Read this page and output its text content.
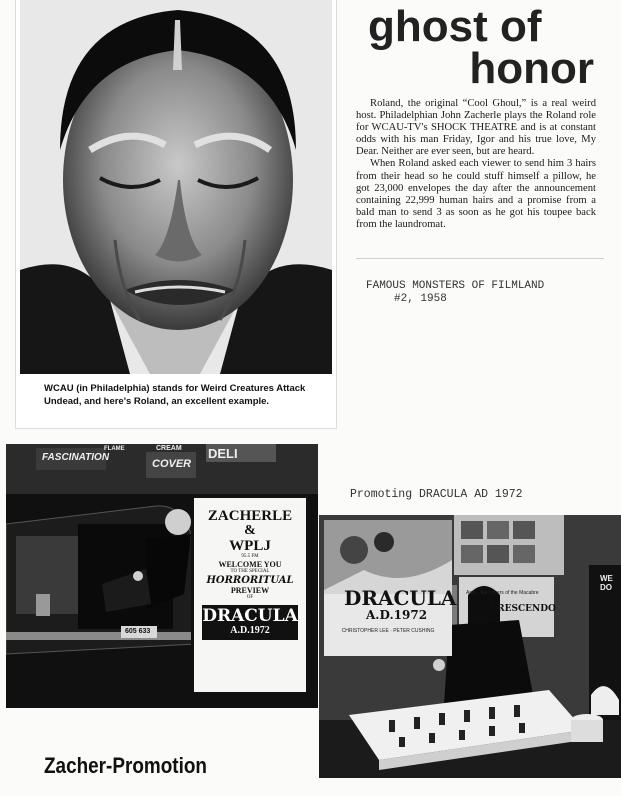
WCAU (in Philadelphia) stands for Weird Creatures Attack Undead, and here's Roland, an excellent example.
ghost of
honor

Roland, the original “Cool Ghoul,” is a real weird host. Philadelphian John Zacherle plays the Roland role for WCAU-TV's SHOCK THEATRE and is at constant odds with his man Friday, Igor and his true love, My Dear. Neither are ever seen, but are heard.

When Roland asked each viewer to send him 3 hairs from their head so he could stuff himself a pillow, he got 23,000 envelopes the day after the announcement containing 22,999 human hairs and a promise from a bald man to send 3 as soon as he got his toupee back from the laundromat.

FAMOUS MONSTERS OF FILMLAND
#2, 1958
FASCINATION
FLAME	CREAM
COVER
DELI
605 633
ZACHERLE
&
WPLJ
95.5 FM
WELCOME YOU
TO THE SPECIAL
HORRORITUAL
PREVIEW
OF
DRACULA
A.D.1972
Promoting DRACULA AD 1972
DRACULA
A.D.1972
CHRISTOPHER LEE · PETER CUSHING
And... the Lovers of the Macabre
CRESCENDO
WE DO
Zacher-Promotion
